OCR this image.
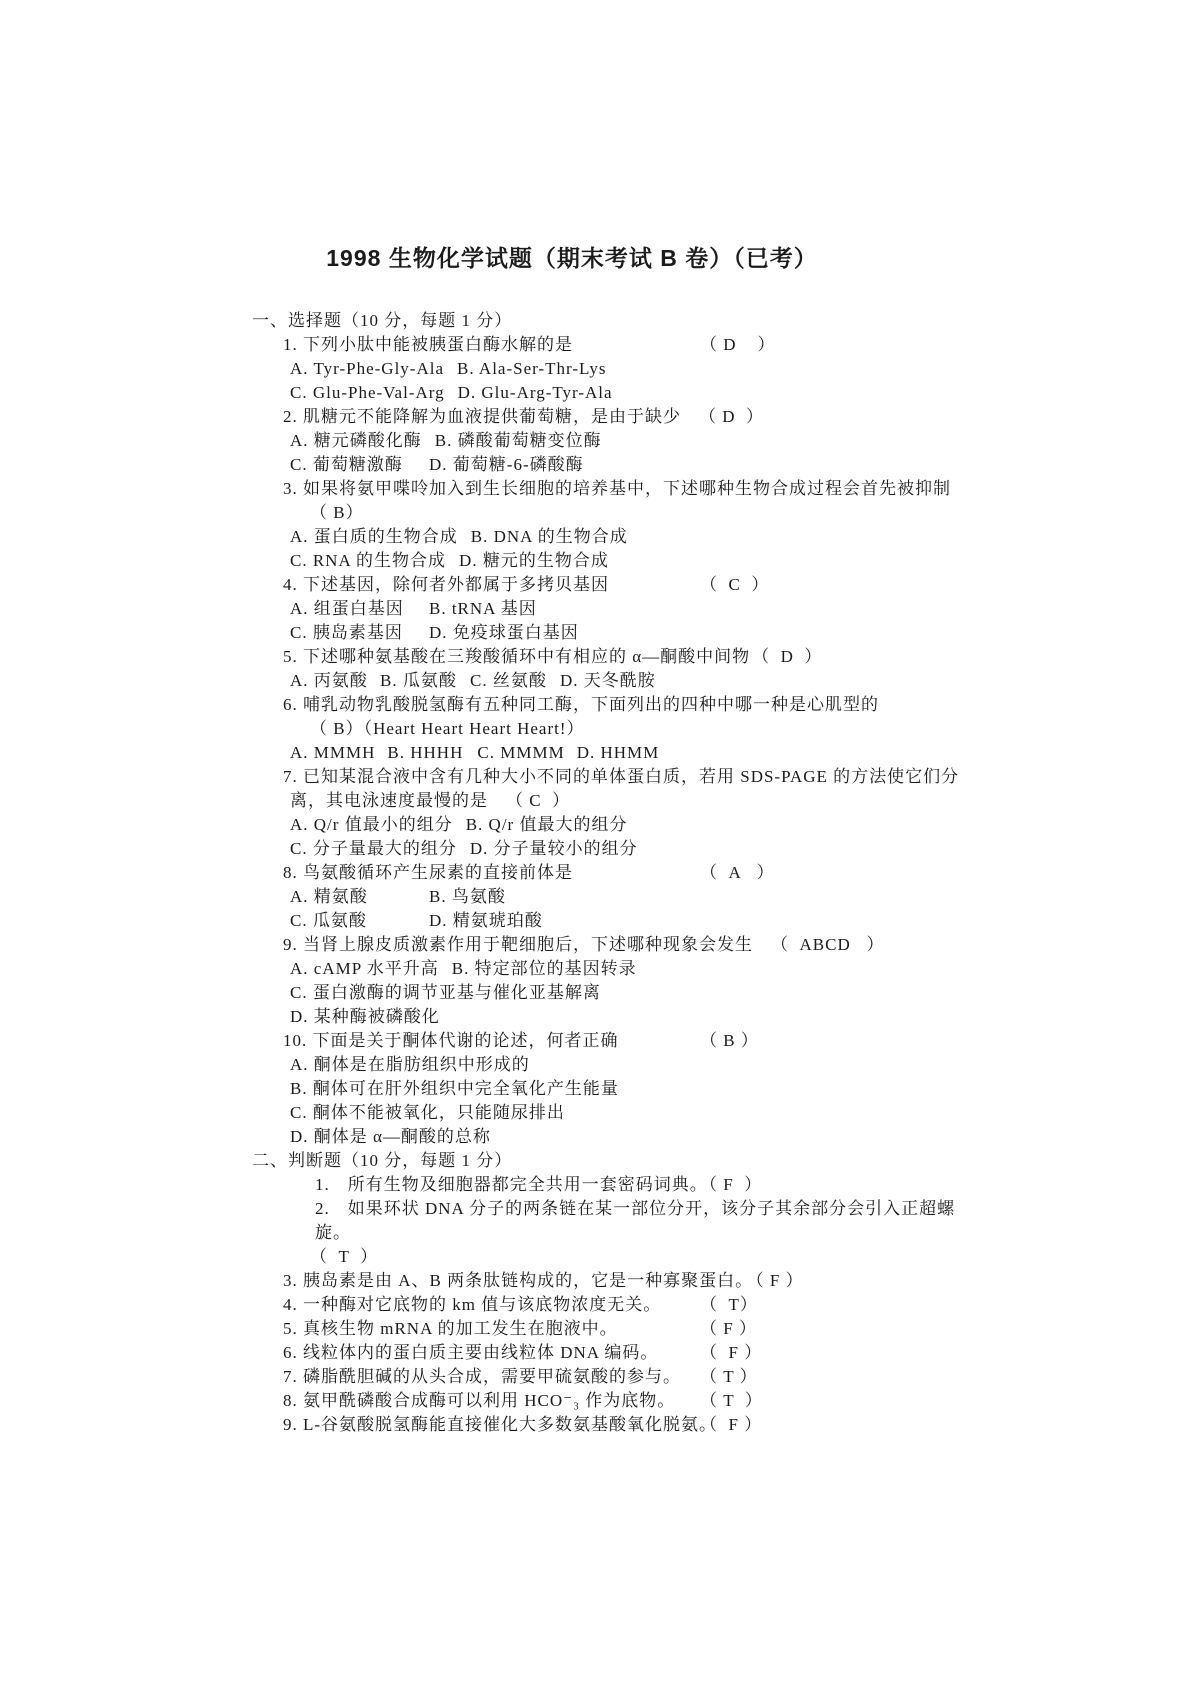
1998 生物化学试题（期末考试 B 卷）（已考）
一、选择题（10 分，每题 1 分）
1. 下列小肽中能被胰蛋白酶水解的是	（ D    ）
A. Tyr-Phe-Gly-Ala B. Ala-Ser-Thr-Lys
C. Glu-Phe-Val-Arg D. Glu-Arg-Tyr-Ala
2. 肌糖元不能降解为血液提供葡萄糖，是由于缺少 （ D  ）
A. 糖元磷酸化酶 B. 磷酸葡萄糖变位酶
C. 葡萄糖激酶	D. 葡萄糖-6-磷酸酶
3. 如果将氨甲喋呤加入到生长细胞的培养基中，下述哪种生物合成过程会首先被抑制
（ B）
A. 蛋白质的生物合成 B. DNA 的生物合成
C. RNA 的生物合成 D. 糖元的生物合成
4. 下述基因，除何者外都属于多拷贝基因	（  C  ）
A. 组蛋白基因	B. tRNA 基因
C. 胰岛素基因	D. 免疫球蛋白基因
5. 下述哪种氨基酸在三羧酸循环中有相应的 α—酮酸中间物 （  D  ）
A. 丙氨酸 B. 瓜氨酸 C. 丝氨酸 D. 天冬酰胺
6. 哺乳动物乳酸脱氢酶有五种同工酶，下面列出的四种中哪一种是心肌型的
（ B）（Heart Heart Heart Heart!）
A. MMMH B. HHHH C. MMMM D. HHMM
7. 已知某混合液中含有几种大小不同的单体蛋白质，若用 SDS-PAGE 的方法使它们分
离，其电泳速度最慢的是 （ C  ）
A. Q/r 值最小的组分 B. Q/r 值最大的组分
C. 分子量最大的组分 D. 分子量较小的组分
8. 鸟氨酸循环产生尿素的直接前体是	（  A   ）
A. 精氨酸	B. 鸟氨酸
C. 瓜氨酸	D. 精氨琥珀酸
9. 当肾上腺皮质激素作用于靶细胞后，下述哪种现象会发生 （  ABCD   ）
A. cAMP 水平升高 B. 特定部位的基因转录
C. 蛋白激酶的调节亚基与催化亚基解离
D. 某种酶被磷酸化
10. 下面是关于酮体代谢的论述，何者正确	（ B ）
A. 酮体是在脂肪组织中形成的
B. 酮体可在肝外组织中完全氧化产生能量
C. 酮体不能被氧化，只能随尿排出
D. 酮体是 α—酮酸的总称
二、判断题（10 分，每题 1 分）
1.　所有生物及细胞器都完全共用一套密码词典。
（ F  ）
2.　如果环状 DNA 分子的两条链在某一部位分开，该分子其余部分会引入正超螺旋。
（  T  ）
3. 胰岛素是由 A、B 两条肽链构成的，它是一种寡聚蛋白。 （ F ）
4. 一种酶对它底物的 km 值与该底物浓度无关。 （  T）
5. 真核生物 mRNA 的加工发生在胞液中。	（ F ）
6. 线粒体内的蛋白质主要由线粒体 DNA 编码。 （  F ）
7. 磷脂酰胆碱的从头合成，需要甲硫氨酸的参与。 （ T ）
8. 氨甲酰磷酸合成酶可以利用 HCO⁻₃ 作为底物。 （ T  ）
9. L-谷氨酸脱氢酶能直接催化大多数氨基酸氧化脱氨。
（  F ）
